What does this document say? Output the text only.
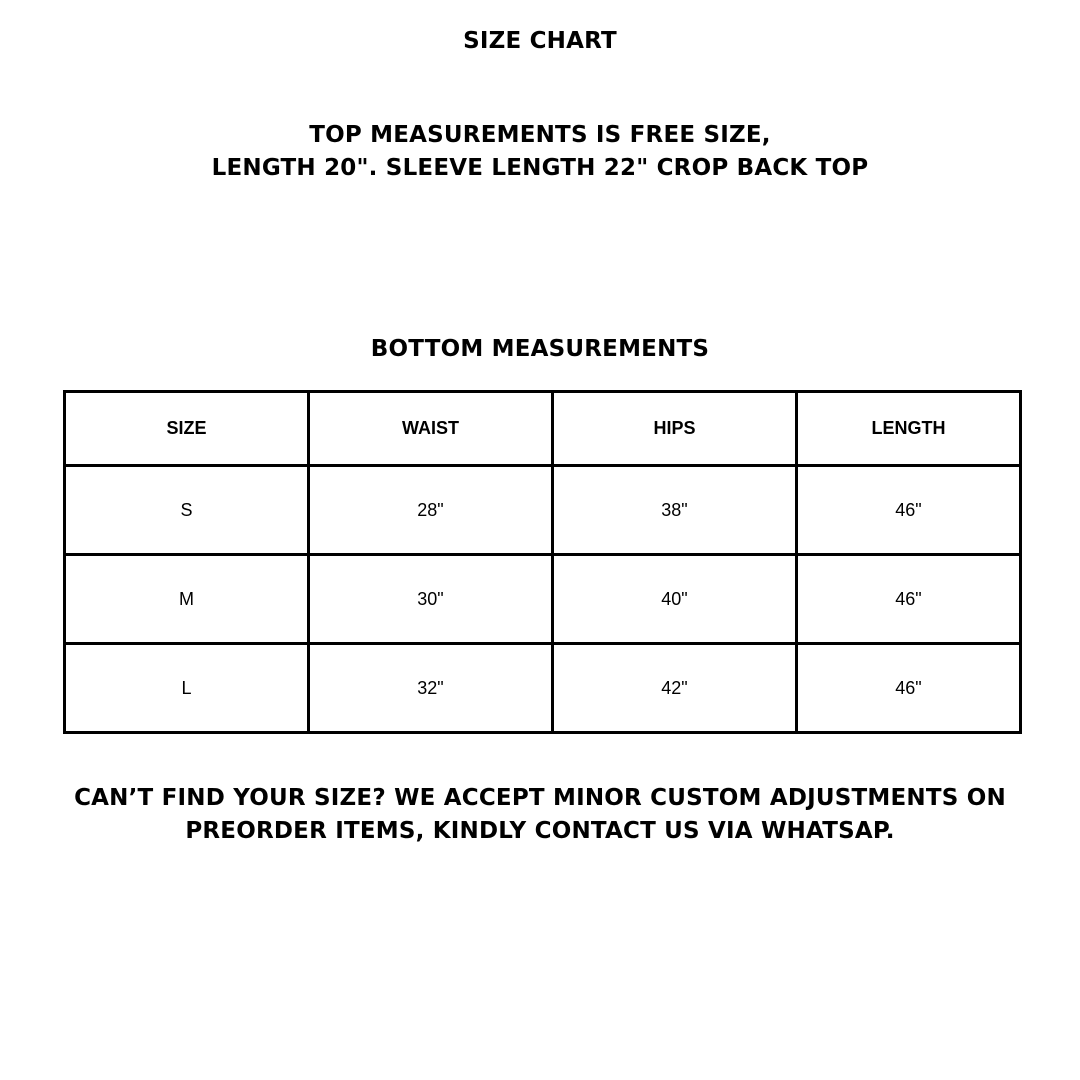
SIZE CHART

TOP MEASUREMENTS IS FREE SIZE,
LENGTH 20". SLEEVE LENGTH 22" CROP BACK TOP

BOTTOM MEASUREMENTS
SIZE	WAIST	HIPS	LENGTH
S	28"	38"	46"
M	30"	40"	46"
L	32"	42"	46"

CAN’T FIND YOUR SIZE? WE ACCEPT MINOR CUSTOM ADJUSTMENTS ON
PREORDER ITEMS, KINDLY CONTACT US VIA WHATSAP.
